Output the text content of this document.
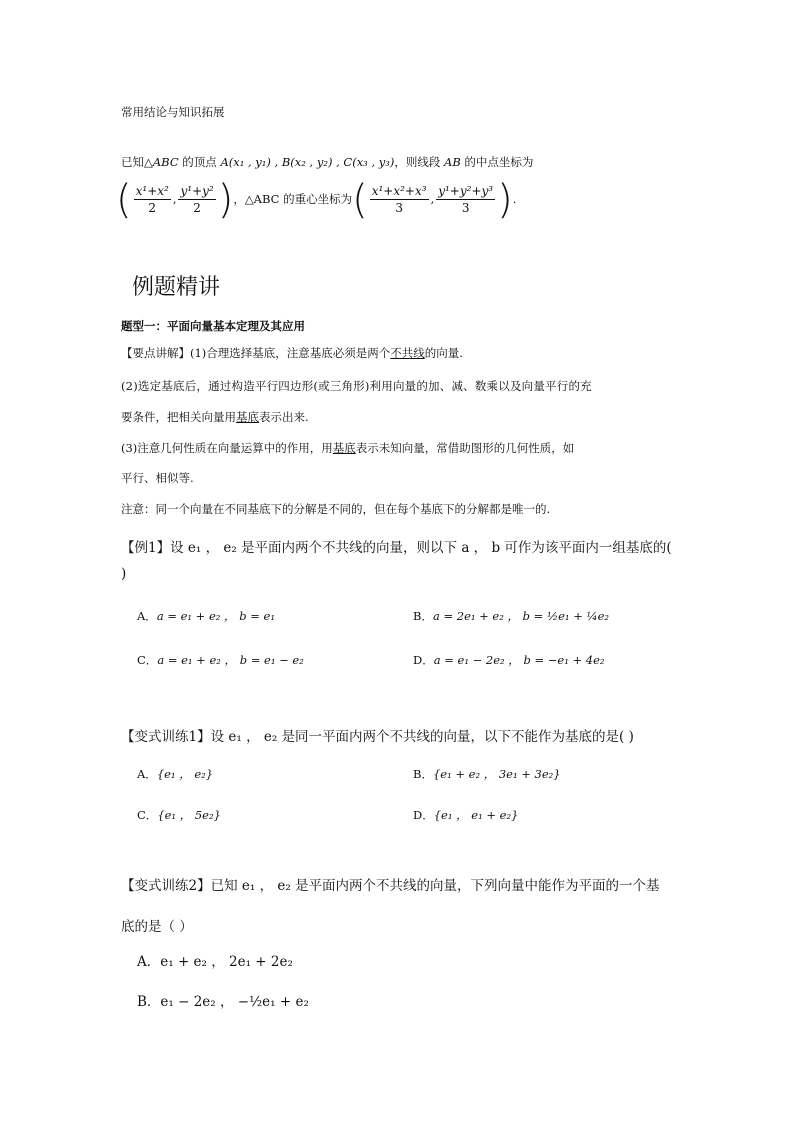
常用结论与知识拓展
已知△ABC 的顶点 A(x₁ , y₁) , B(x₂ , y₂) , C(x₃ , y₃)，则线段 AB 的中点坐标为
( $\frac{\text{x¹+x²}}{2}$ , $\frac{\text{y¹+y²}}{2}$ )，△ABC 的重心坐标为( $\frac{\text{x¹+x²+x³}}{3}$ , $\frac{\text{y¹+y²+y³}}{3}$ ).
例题精讲
题型一：平面向量基本定理及其应用
【要点讲解】(1)合理选择基底，注意基底必须是两个不共线的向量.
(2)选定基底后，通过构造平行四边形(或三角形)利用向量的加、减、数乘以及向量平行的充
要条件，把相关向量用基底表示出来.
(3)注意几何性质在向量运算中的作用，用基底表示未知向量，常借助图形的几何性质，如
平行、相似等.
注意：同一个向量在不同基底下的分解是不同的，但在每个基底下的分解都是唯一的.
【例1】设 e₁ ， e₂ 是平面内两个不共线的向量，则以下 a ， b 可作为该平面内一组基底的(
)
A．a = e₁ + e₂ ， b = e₁	B．a = 2e₁ + e₂ ， b = ½e₁ + ¼e₂
C．a = e₁ + e₂ ， b = e₁ − e₂	D．a = e₁ − 2e₂ ， b = −e₁ + 4e₂
【变式训练1】设 e₁ ， e₂ 是同一平面内两个不共线的向量，以下不能作为基底的是( )
A．{e₁ ， e₂}	B．{e₁ + e₂ ， 3e₁ + 3e₂}
C．{e₁ ， 5e₂}	D．{e₁ ， e₁ + e₂}
【变式训练2】已知 e₁ ， e₂ 是平面内两个不共线的向量，下列向量中能作为平面的一个基
底的是（ ）
A．e₁ + e₂ ， 2e₁ + 2e₂
B．e₁ − 2e₂ ， −½e₁ + e₂
